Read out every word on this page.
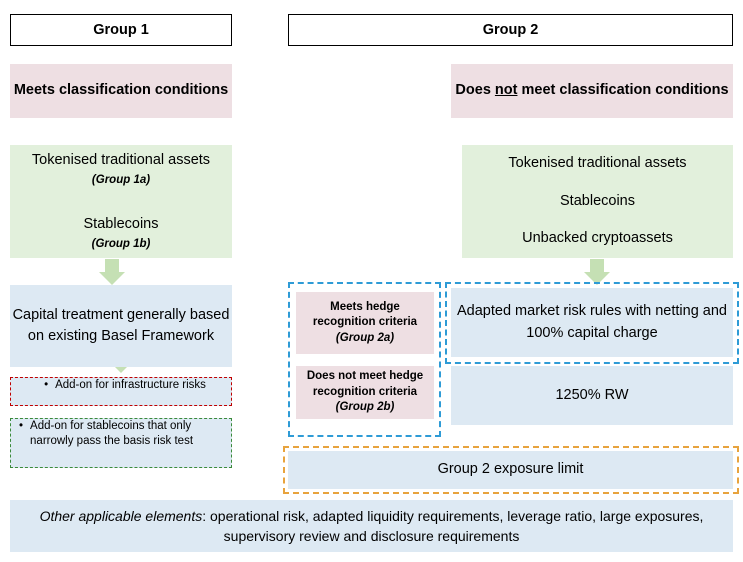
Group 1	Group 2
Meets classification conditions	Does not meet classification conditions
Tokenised traditional assets
(Group 1a)
Stablecoins
(Group 1b)
Tokenised traditional assets
Stablecoins
Unbacked cryptoassets
Capital treatment generally based on existing Basel Framework
• Add-on for infrastructure risks
• Add-on for stablecoins that only narrowly pass the basis risk test
Adapted market risk rules with netting and 100% capital charge
1250% RW
Meets hedge recognition criteria
(Group 2a)
Does not meet hedge recognition criteria (Group 2b)
Group 2 exposure limit
Other applicable elements: operational risk, adapted liquidity requirements, leverage ratio, large exposures, supervisory review and disclosure requirements
